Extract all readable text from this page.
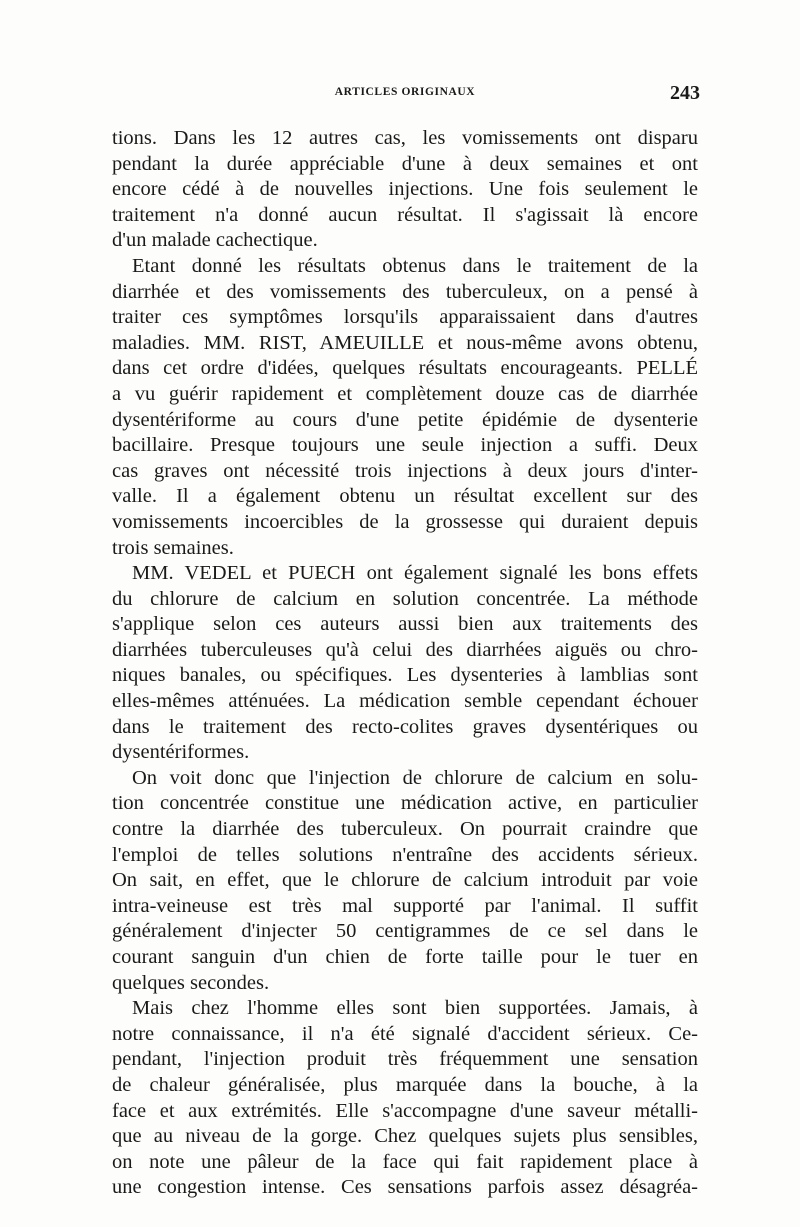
ARTICLES ORIGINAUX	243
tions. Dans les 12 autres cas, les vomissements ont disparu
pendant la durée appréciable d'une à deux semaines et ont
encore cédé à de nouvelles injections. Une fois seulement le
traitement n'a donné aucun résultat. Il s'agissait là encore
d'un malade cachectique.
Etant donné les résultats obtenus dans le traitement de la
diarrhée et des vomissements des tuberculeux, on a pensé à
traiter ces symptômes lorsqu'ils apparaissaient dans d'autres
maladies. MM. RIST, AMEUILLE et nous-même avons obtenu,
dans cet ordre d'idées, quelques résultats encourageants. PELLÉ
a vu guérir rapidement et complètement douze cas de diarrhée
dysentériforme au cours d'une petite épidémie de dysenterie
bacillaire. Presque toujours une seule injection a suffi. Deux
cas graves ont nécessité trois injections à deux jours d'inter-
valle. Il a également obtenu un résultat excellent sur des
vomissements incoercibles de la grossesse qui duraient depuis
trois semaines.
MM. VEDEL et PUECH ont également signalé les bons effets
du chlorure de calcium en solution concentrée. La méthode
s'applique selon ces auteurs aussi bien aux traitements des
diarrhées tuberculeuses qu'à celui des diarrhées aiguës ou chro-
niques banales, ou spécifiques. Les dysenteries à lamblias sont
elles-mêmes atténuées. La médication semble cependant échouer
dans le traitement des recto-colites graves dysentériques ou
dysentériformes.
On voit donc que l'injection de chlorure de calcium en solu-
tion concentrée constitue une médication active, en particulier
contre la diarrhée des tuberculeux. On pourrait craindre que
l'emploi de telles solutions n'entraîne des accidents sérieux.
On sait, en effet, que le chlorure de calcium introduit par voie
intra-veineuse est très mal supporté par l'animal. Il suffit
généralement d'injecter 50 centigrammes de ce sel dans le
courant sanguin d'un chien de forte taille pour le tuer en
quelques secondes.
Mais chez l'homme elles sont bien supportées. Jamais, à
notre connaissance, il n'a été signalé d'accident sérieux. Ce-
pendant, l'injection produit très fréquemment une sensation
de chaleur généralisée, plus marquée dans la bouche, à la
face et aux extrémités. Elle s'accompagne d'une saveur métalli-
que au niveau de la gorge. Chez quelques sujets plus sensibles,
on note une pâleur de la face qui fait rapidement place à
une congestion intense. Ces sensations parfois assez désagréa-
